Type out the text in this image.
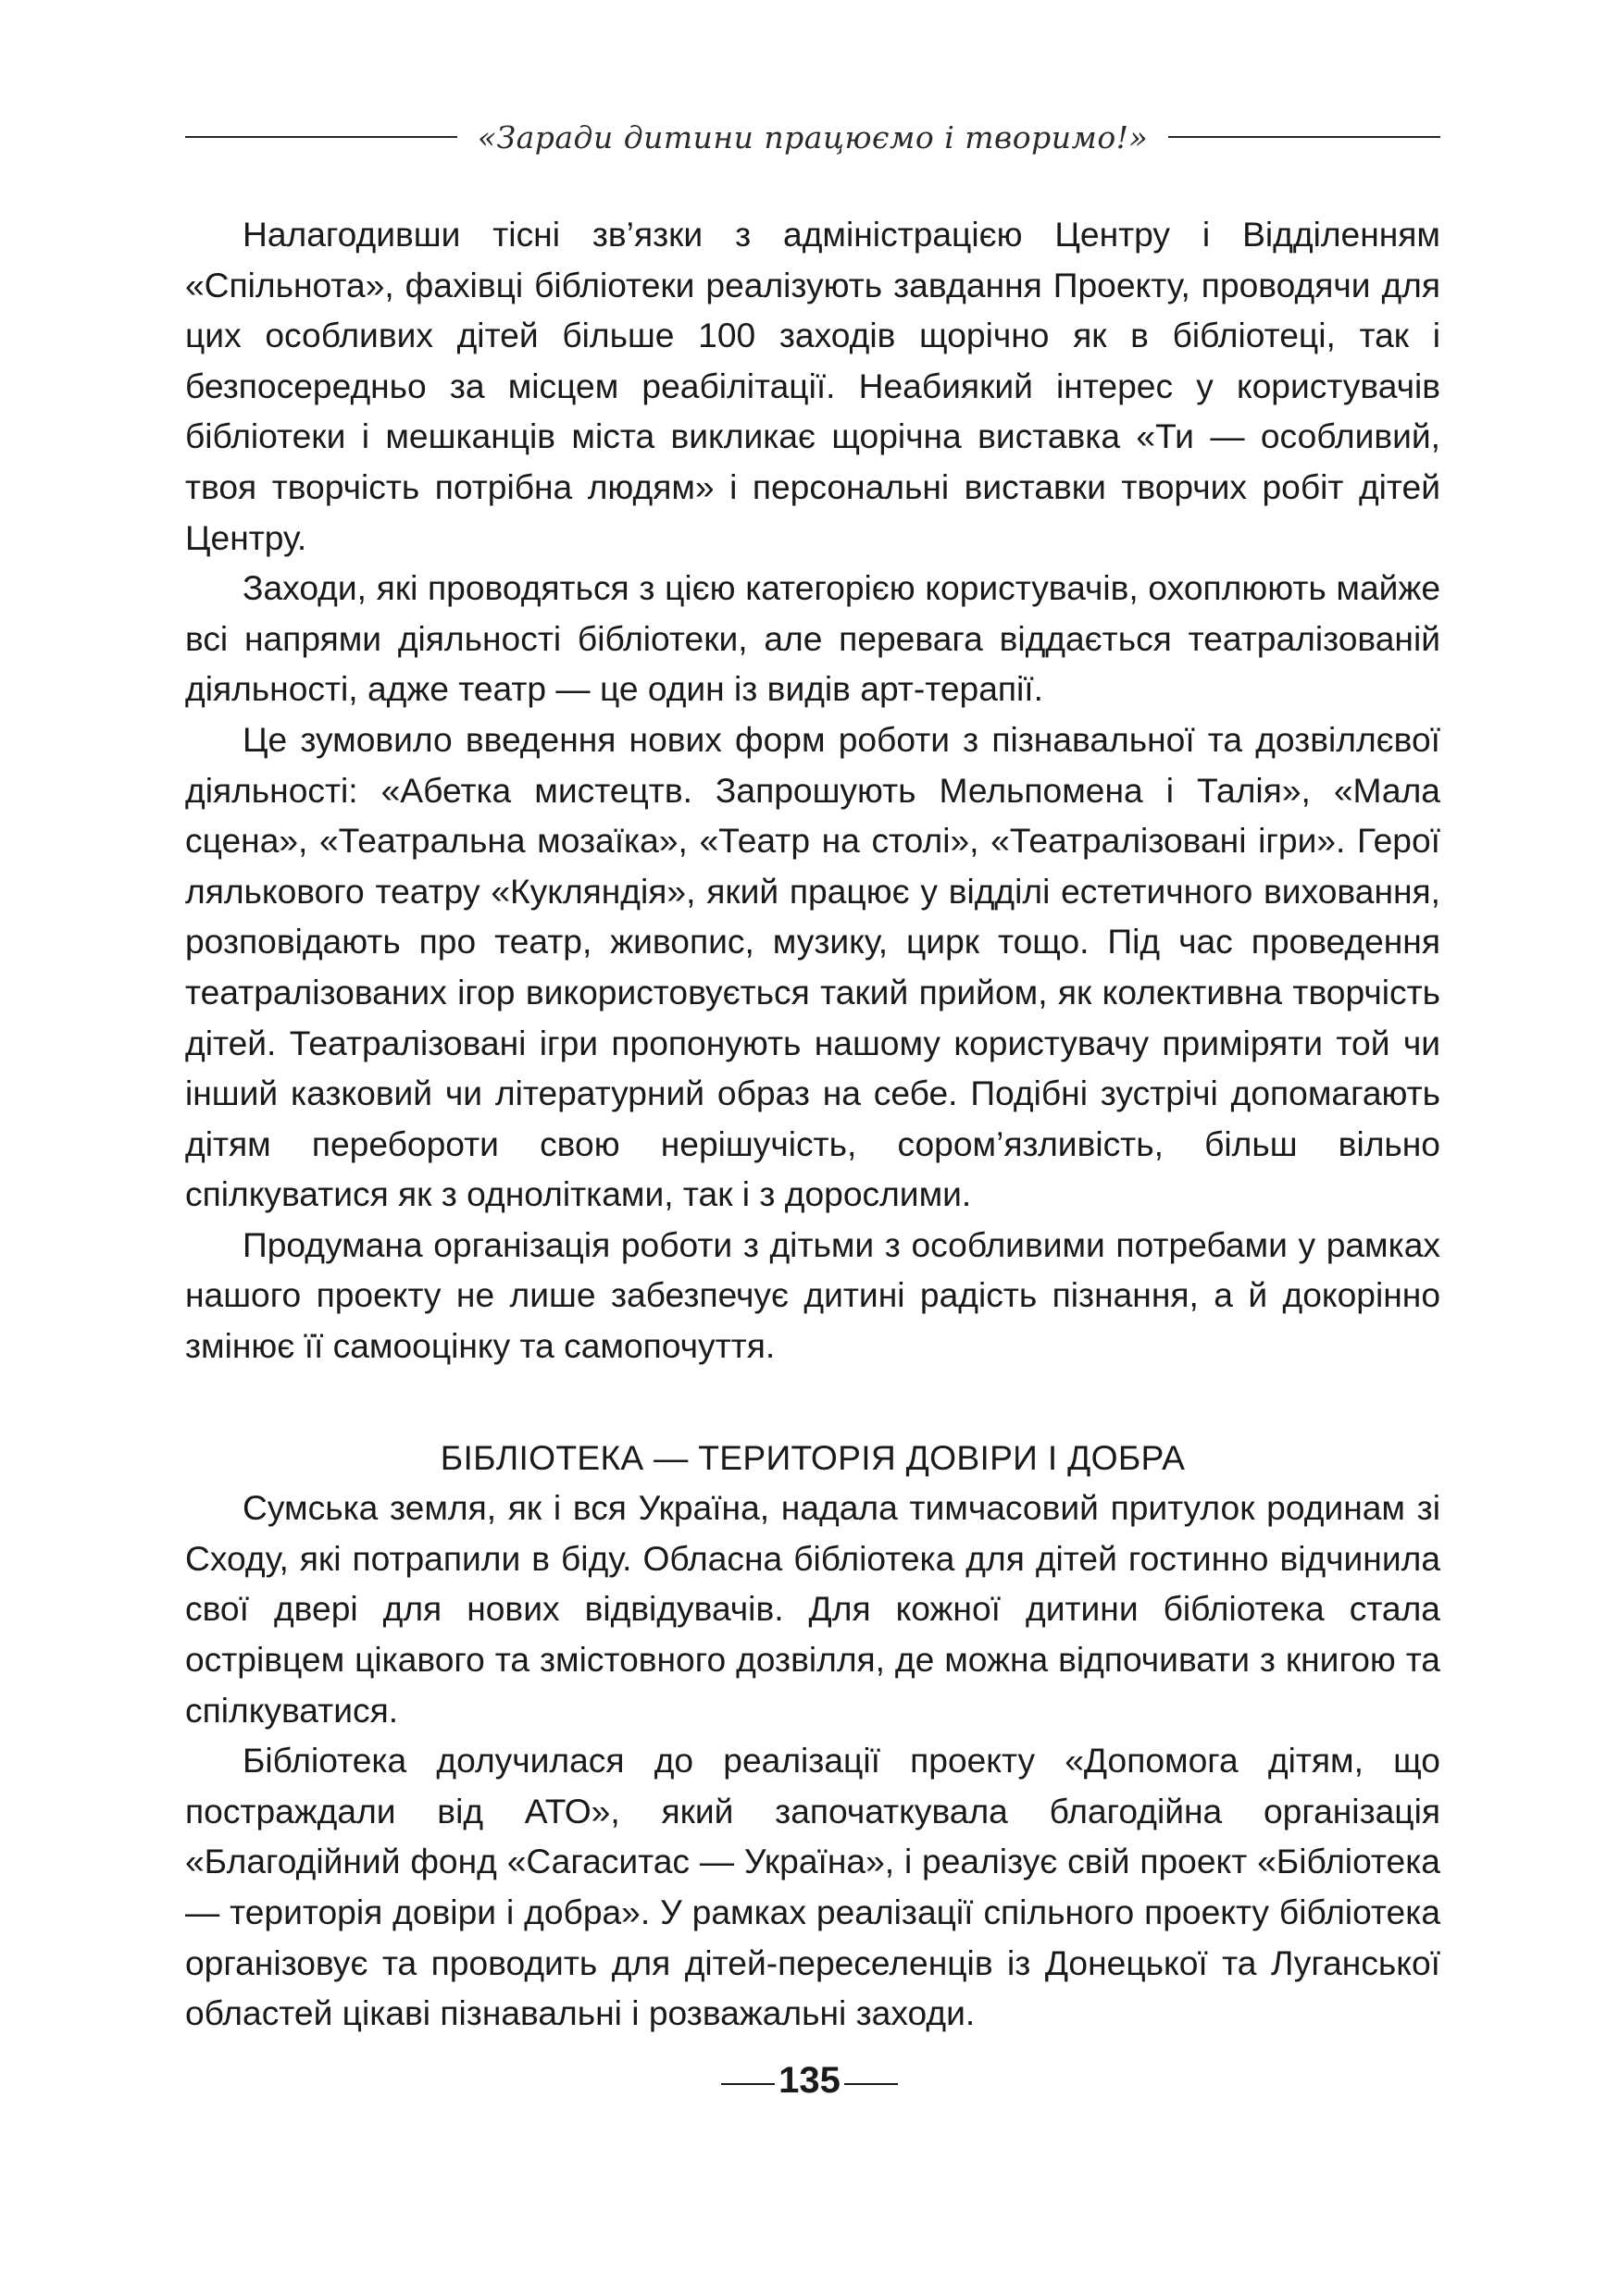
«Заради дитини працюємо і творимо!»

Налагодивши тісні зв’язки з адміністрацією Центру і Відділенням «Спільнота», фахівці бібліотеки реалізують завдання Проекту, проводячи для цих особливих дітей більше 100 заходів щорічно як в бібліотеці, так і безпосередньо за місцем реабілітації. Неабиякий інтерес у користувачів бібліотеки і мешканців міста викликає щорічна виставка «Ти — особливий, твоя творчість потрібна людям» і персональні виставки творчих робіт дітей Центру.

Заходи, які проводяться з цією категорією користувачів, охоплюють майже всі напрями діяльності бібліотеки, але перевага віддається театралізованій діяльності, адже театр — це один із видів арт-терапії.

Це зумовило введення нових форм роботи з пізнавальної та дозвіллєвої діяльності: «Абетка мистецтв. Запрошують Мельпомена і Талія», «Мала сцена», «Театральна мозаїка», «Театр на столі», «Театралізовані ігри». Герої лялькового театру «Кукляндія», який працює у відділі естетичного виховання, розповідають про театр, живопис, музику, цирк тощо. Під час проведення театралізованих ігор використовується такий прийом, як колективна творчість дітей. Театралізовані ігри пропонують нашому користувачу приміряти той чи інший казковий чи літературний образ на себе. Подібні зустрічі допомагають дітям перебороти свою нерішучість, сором’язливість, більш вільно спілкуватися як з однолітками, так і з дорослими.

Продумана організація роботи з дітьми з особливими потребами у рамках нашого проекту не лише забезпечує дитині радість пізнання, а й докорінно змінює її самооцінку та самопочуття.

БІБЛІОТЕКА — ТЕРИТОРІЯ ДОВІРИ І ДОБРА

Сумська земля, як і вся Україна, надала тимчасовий притулок родинам зі Сходу, які потрапили в біду. Обласна бібліотека для дітей гостинно відчинила свої двері для нових відвідувачів. Для кожної дитини бібліотека стала острівцем цікавого та змістовного дозвілля, де можна відпочивати з книгою та спілкуватися.

Бібліотека долучилася до реалізації проекту «Допомога дітям, що постраждали від АТО», який започаткувала благодійна організація «Благодійний фонд «Сагаситас — Україна», і реалізує свій проект «Бібліотека — територія довіри і добра». У рамках реалізації спільного проекту бібліотека організовує та проводить для дітей-переселенців із Донецької та Луганської областей цікаві пізнавальні і розважальні заходи.

135
